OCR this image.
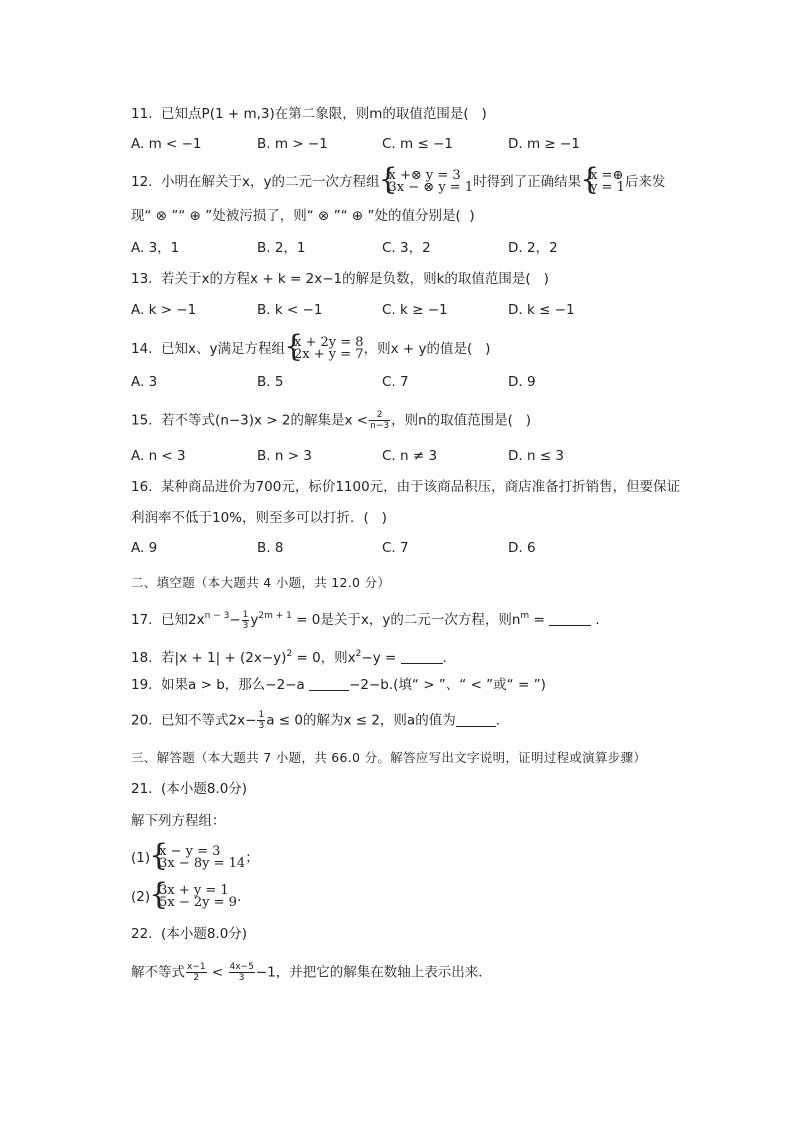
11.  已知点P(1 + m,3)在第二象限，则m的取值范围是(   )
A. m < −1	B. m > −1	C. m ≤ −1	D. m ≥ −1
12.  小明在解关于x，y的二元一次方程组 { x +⊗ y = 3
3x − ⊗ y = 1 时得到了正确结果 { x =⊕
y = 1 后来发
现“ ⊗ ”“ ⊕ ”处被污损了，则“ ⊗ ”“ ⊕ ”处的值分别是(  )
A. 3，1	B. 2，1	C. 3，2	D. 2，2
13.  若关于x的方程x + k = 2x−1的解是负数，则k的取值范围是(   )
A. k > −1	B. k < −1	C. k ≥ −1	D. k ≤ −1
14.  已知x、y满足方程组 { x + 2y = 8
2x + y = 7 ，则x + y的值是(   )
A. 3	B. 5	C. 7	D. 9
15.  若不等式(n−3)x > 2的解集是$x < \frac{2}{n-3}$ ，则n的取值范围是(   )
A. n < 3	B. n > 3	C. n ≠ 3	D. n ≤ 3
16.  某种商品进价为700元，标价1100元，由于该商品积压，商店准备打折销售，但要保证
利润率不低于10%，则至多可以打折．(   )
A. 9	B. 8	C. 7	D. 6
二、填空题（本大题共 4 小题，共 12.0 分）
17.  已知$2x^{n - 3}- \frac{1}{3} y^{2m + 1} = 0$是关于x，y的二元一次方程，则$n^m$ =	．
18.  若$|x + 1| + (2x-y)^2 = 0$，则$x^2-y$ =	．
19.  如果a > b，那么−2−a	−2−b.(填“ > ”、“ < ”或“ = ”)
20.  已知不等式$2x- \frac{1}{3}$ a ≤ 0的解为x ≤ 2，则a的值为	．
三、解答题（本大题共 7 小题，共 66.0 分。解答应写出文字说明，证明过程或演算步骤）
21.  (本小题8.0分)
解下列方程组：
(1) { x − y = 3
3x − 8y = 14 ；
(2) { 3x + y = 1
5x − 2y = 9 .
22.  (本小题8.0分)
解不等式 $\frac{x-1}{2} < \frac{4x-5}{3} -1$，并把它的解集在数轴上表示出来．
